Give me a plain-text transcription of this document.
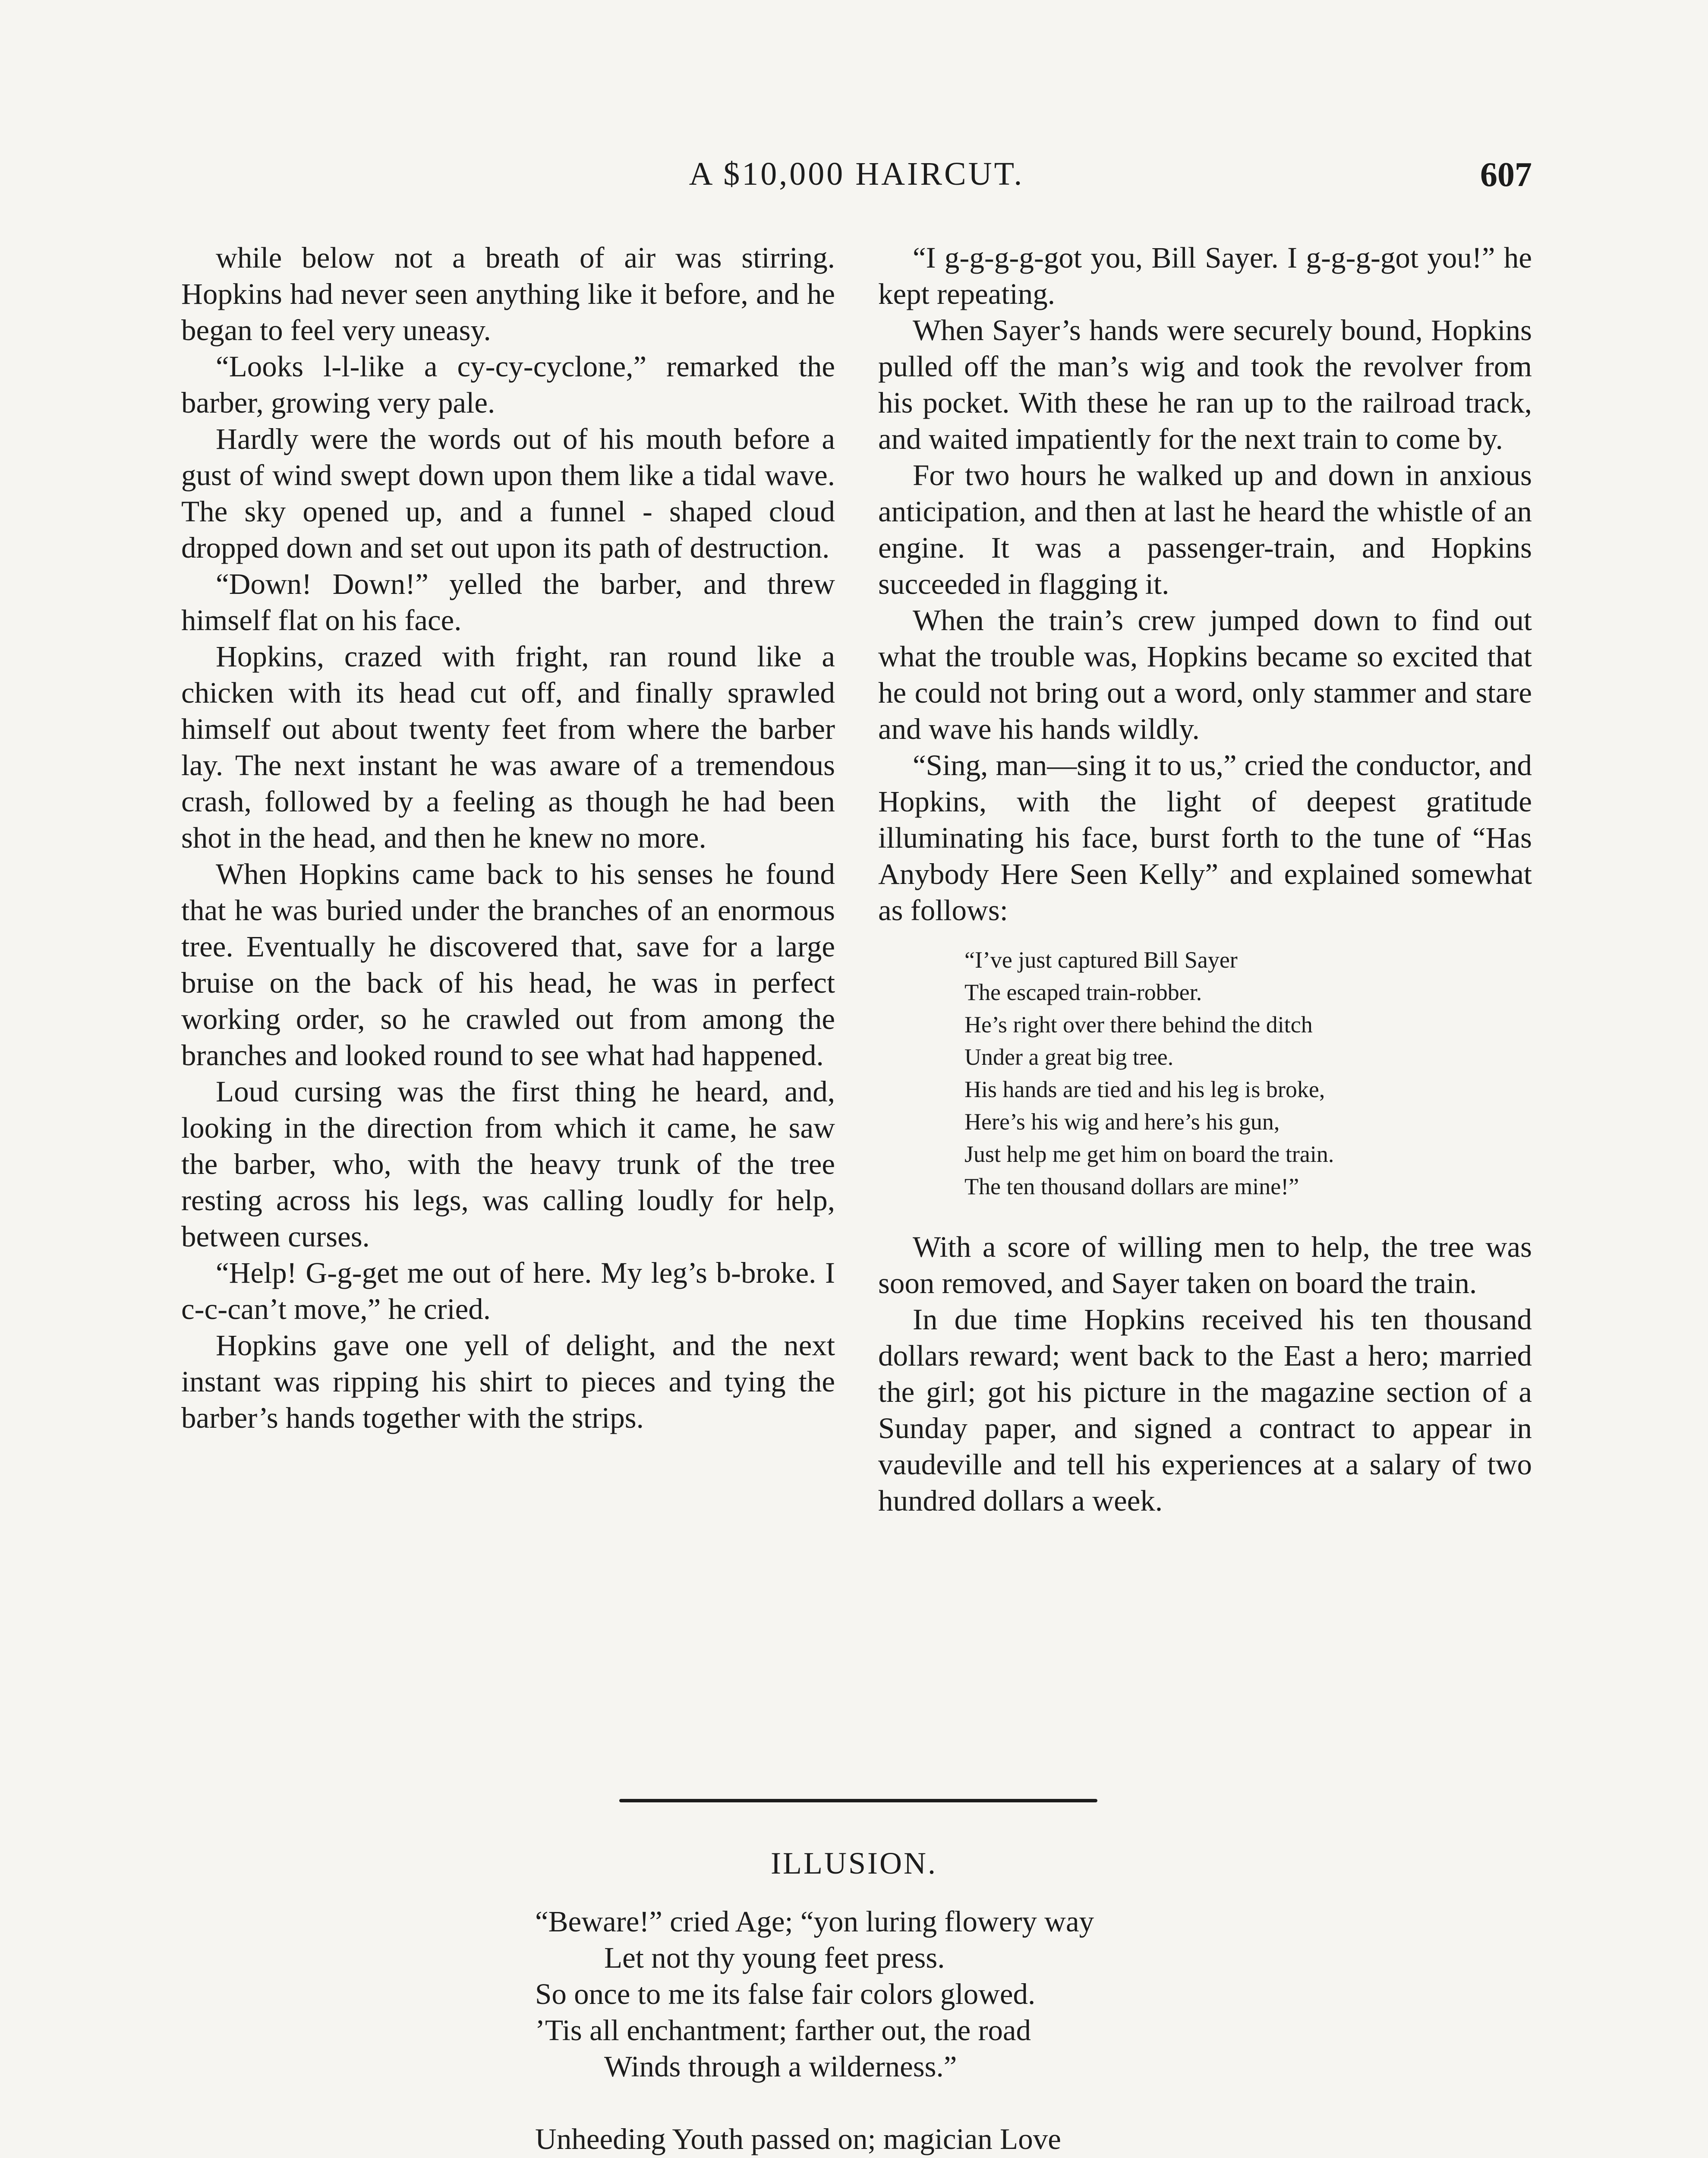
A $10,000 HAIRCUT.	607

while below not a breath of air was stirring. Hopkins had never seen anything like it before, and he began to feel very uneasy.

“Looks l-l-like a cy-cy-cyclone,” remarked the barber, growing very pale.

Hardly were the words out of his mouth before a gust of wind swept down upon them like a tidal wave. The sky opened up, and a funnel - shaped cloud dropped down and set out upon its path of destruction.

“Down! Down!” yelled the barber, and threw himself flat on his face.

Hopkins, crazed with fright, ran round like a chicken with its head cut off, and finally sprawled himself out about twenty feet from where the barber lay. The next instant he was aware of a tremendous crash, followed by a feeling as though he had been shot in the head, and then he knew no more.

When Hopkins came back to his senses he found that he was buried under the branches of an enormous tree. Eventually he discovered that, save for a large bruise on the back of his head, he was in perfect working order, so he crawled out from among the branches and looked round to see what had happened.

Loud cursing was the first thing he heard, and, looking in the direction from which it came, he saw the barber, who, with the heavy trunk of the tree resting across his legs, was calling loudly for help, between curses.

“Help! G-g-get me out of here. My leg’s b-broke. I c-c-can’t move,” he cried.

Hopkins gave one yell of delight, and the next instant was ripping his shirt to pieces and tying the barber’s hands together with the strips.

“I g-g-g-g-got you, Bill Sayer. I g-g-g-got you!” he kept repeating.

When Sayer’s hands were securely bound, Hopkins pulled off the man’s wig and took the revolver from his pocket. With these he ran up to the railroad track, and waited impatiently for the next train to come by.

For two hours he walked up and down in anxious anticipation, and then at last he heard the whistle of an engine. It was a passenger-train, and Hopkins succeeded in flagging it.

When the train’s crew jumped down to find out what the trouble was, Hopkins became so excited that he could not bring out a word, only stammer and stare and wave his hands wildly.

“Sing, man—sing it to us,” cried the conductor, and Hopkins, with the light of deepest gratitude illuminating his face, burst forth to the tune of “Has Anybody Here Seen Kelly” and explained somewhat as follows:

“I’ve just captured Bill Sayer
The escaped train-robber.
He’s right over there behind the ditch
Under a great big tree.
His hands are tied and his leg is broke,
Here’s his wig and here’s his gun,
Just help me get him on board the train.
The ten thousand dollars are mine!”

With a score of willing men to help, the tree was soon removed, and Sayer taken on board the train.

In due time Hopkins received his ten thousand dollars reward; went back to the East a hero; married the girl; got his picture in the magazine section of a Sunday paper, and signed a contract to appear in vaudeville and tell his experiences at a salary of two hundred dollars a week.

ILLUSION.
“Beware!” cried Age; “yon luring flowery way
Let not thy young feet press.
So once to me its false fair colors glowed.
’Tis all enchantment; farther out, the road
Winds through a wilderness.”
Unheeding Youth passed on; magician Love
